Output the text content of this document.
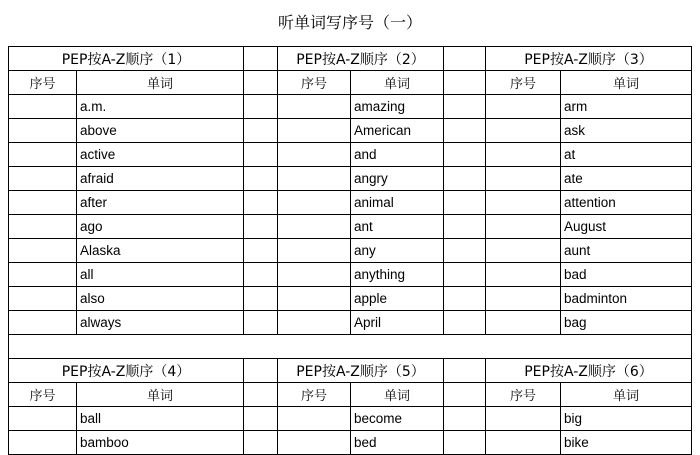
听单词写序号（一）
PEP按A-Z顺序（1）			PEP按A-Z顺序（2）			PEP按A-Z顺序（3）	
序号	单词		序号	单词		序号	单词
	a.m.			amazing			arm
	above			American			ask
	active			and			at
	afraid			angry			ate
	after			animal			attention
	ago			ant			August
	Alaska			any			aunt
	all			anything			bad
	also			apple			badminton
	always			April			bag

PEP按A-Z顺序（4）			PEP按A-Z顺序（5）			PEP按A-Z顺序（6）	
序号	单词		序号	单词		序号	单词
	ball			become			big
	bamboo			bed			bike
